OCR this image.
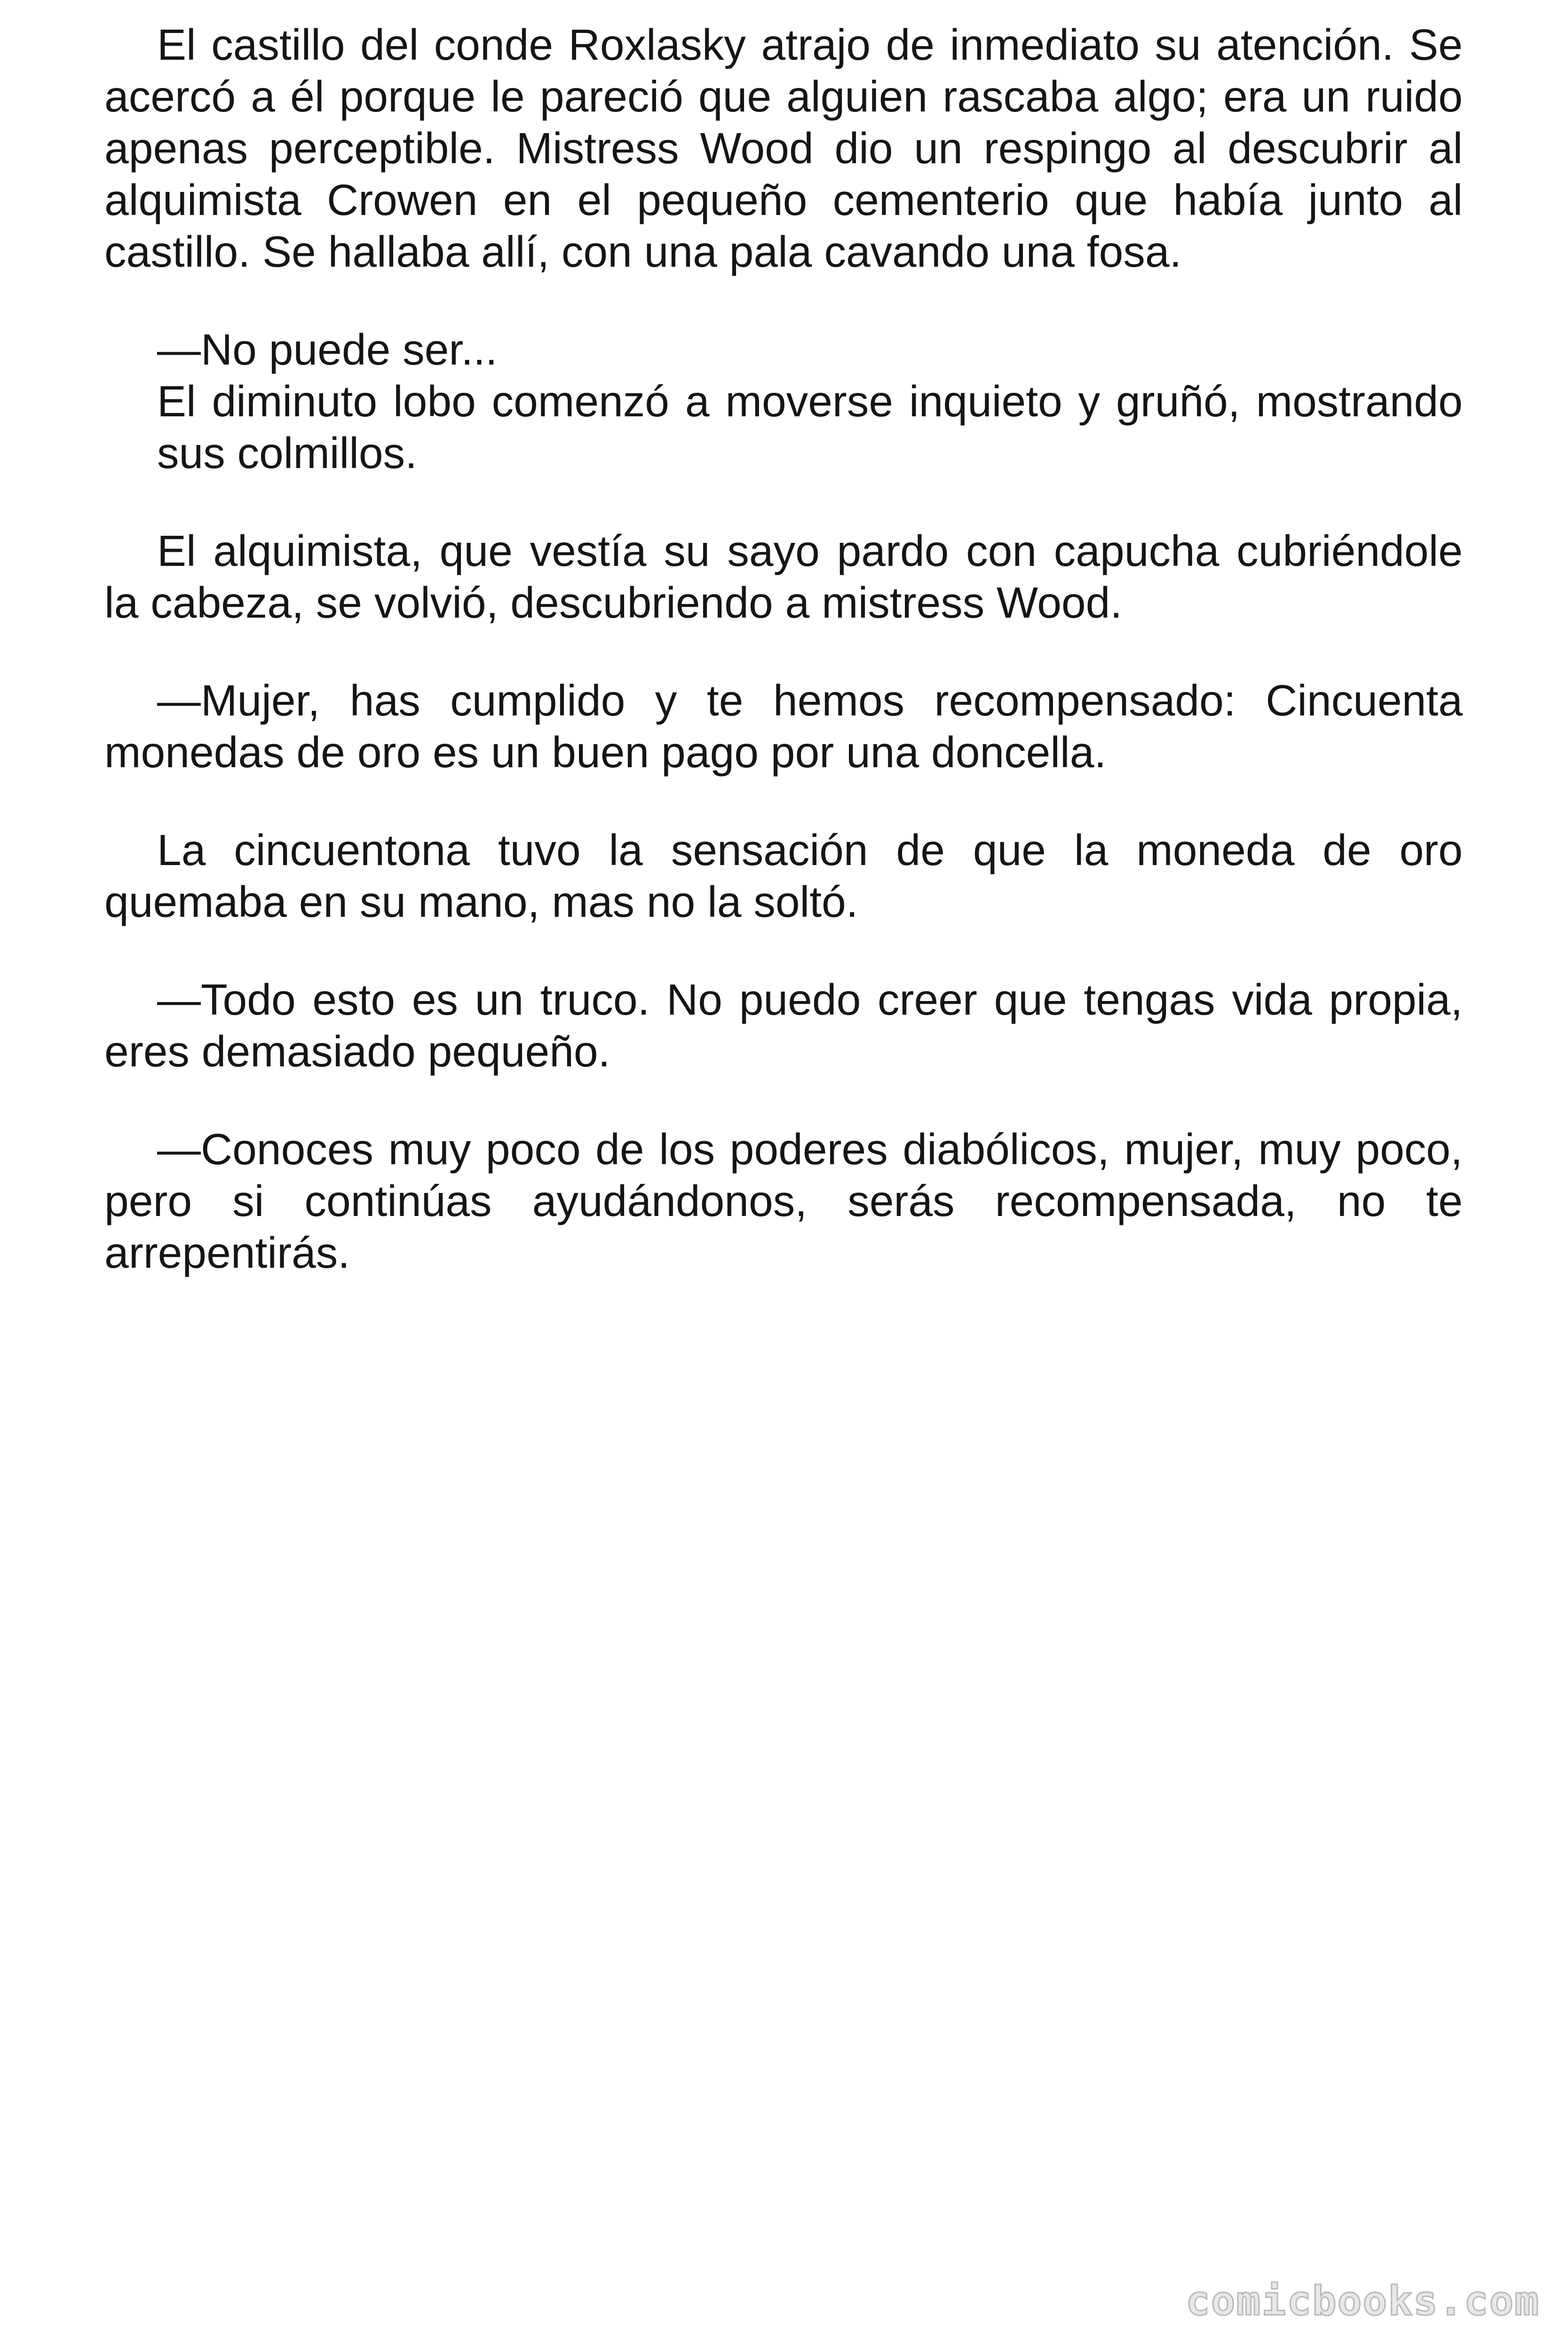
El castillo del conde Roxlasky atrajo de inmediato su atención. Se acercó a él porque le pareció que alguien rascaba algo; era un ruido apenas perceptible. Mistress Wood dio un respingo al descubrir al alquimista Crowen en el pequeño cementerio que había junto al castillo. Se hallaba allí, con una pala cavando una fosa.

—No puede ser...

El diminuto lobo comenzó a moverse inquieto y gruñó, mostrando sus colmillos.

El alquimista, que vestía su sayo pardo con capucha cubriéndole la cabeza, se volvió, descubriendo a mistress Wood.

—Mujer, has cumplido y te hemos recompensado: Cincuenta monedas de oro es un buen pago por una doncella.

La cincuentona tuvo la sensación de que la moneda de oro quemaba en su mano, mas no la soltó.

—Todo esto es un truco. No puedo creer que tengas vida propia, eres demasiado pequeño.

—Conoces muy poco de los poderes diabólicos, mujer, muy poco, pero si continúas ayudándonos, serás recompensada, no te arrepentirás.

comicbooks.com
